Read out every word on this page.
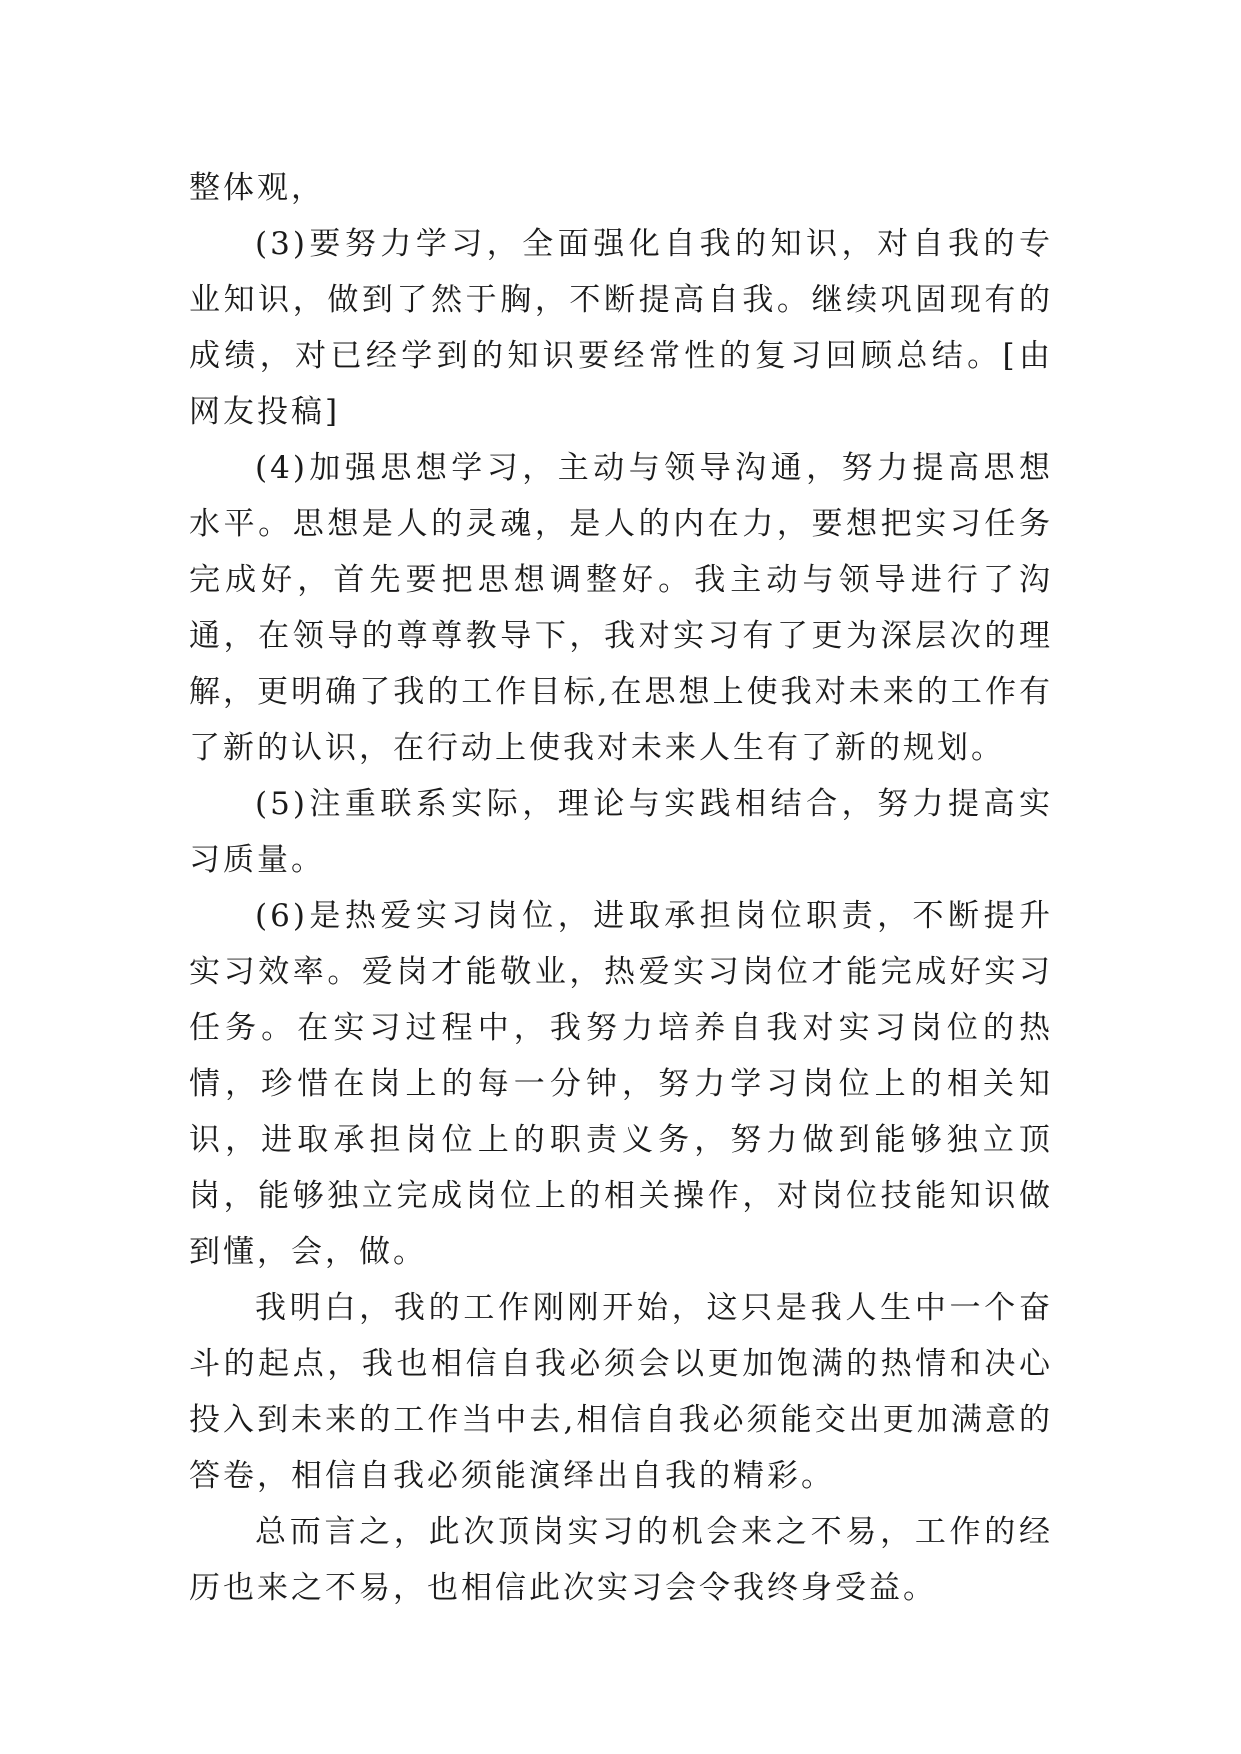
整体观，

(3)要努力学习，全面强化自我的知识，对自我的专业知识，做到了然于胸，不断提高自我。继续巩固现有的成绩，对已经学到的知识要经常性的复习回顾总结。[由网友投稿]

(4)加强思想学习，主动与领导沟通，努力提高思想水平。思想是人的灵魂，是人的内在力，要想把实习任务完成好，首先要把思想调整好。我主动与领导进行了沟通，在领导的尊尊教导下，我对实习有了更为深层次的理解，更明确了我的工作目标,在思想上使我对未来的工作有了新的认识，在行动上使我对未来人生有了新的规划。

(5)注重联系实际，理论与实践相结合，努力提高实习质量。

(6)是热爱实习岗位，进取承担岗位职责，不断提升实习效率。爱岗才能敬业，热爱实习岗位才能完成好实习任务。在实习过程中，我努力培养自我对实习岗位的热情，珍惜在岗上的每一分钟，努力学习岗位上的相关知识，进取承担岗位上的职责义务，努力做到能够独立顶岗，能够独立完成岗位上的相关操作，对岗位技能知识做到懂，会，做。

我明白，我的工作刚刚开始，这只是我人生中一个奋斗的起点，我也相信自我必须会以更加饱满的热情和决心投入到未来的工作当中去,相信自我必须能交出更加满意的答卷，相信自我必须能演绎出自我的精彩。

总而言之，此次顶岗实习的机会来之不易，工作的经历也来之不易，也相信此次实习会令我终身受益。
